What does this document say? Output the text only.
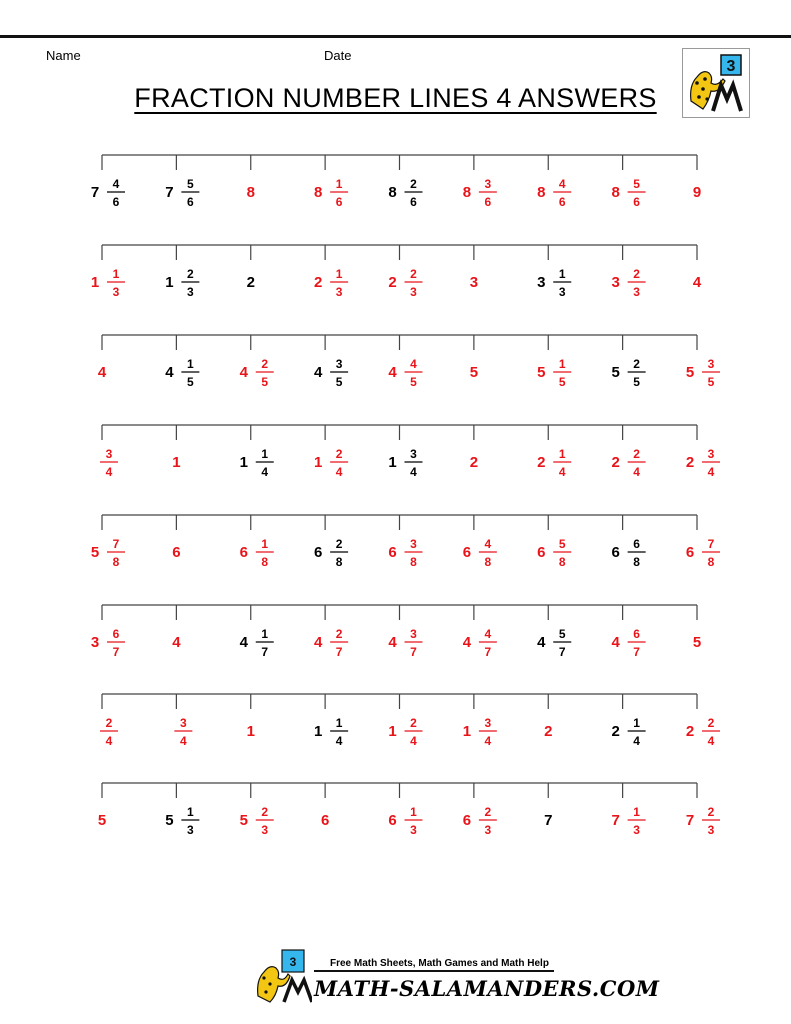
Name	Date
FRACTION NUMBER LINES 4 ANSWERS
3
7 4
6
7 5
6
8	8 1
6
8 2
6
8 3
6
8 4
6
8 5
6
9
1 1
3
1 2
3
2	2 1
3
2 2
3
3	3 1
3
3 2
3
4
4	4 1
5
4 2
5
4 3
5
4 4
5
5	5 1
5
5 2
5
5 3
5
3
4
1	1 1
4
1 2
4
1 3
4
2	2 1
4
2 2
4
2 3
4
5 7
8
6	6 1
8
6 2
8
6 3
8
6 4
8
6 5
8
6 6
8
6 7
8
3 6
7
4	4 1
7
4 2
7
4 3
7
4 4
7
4 5
7
4 6
7
5
2
4
3
4
1	1 1
4
1 2
4
1 3
4
2	2 1
4
2 2
4
5	5 1
3
5 2
3
6	6 1
3
6 2
3
7	7 1
3
7 2
3
3	Free Math Sheets, Math Games and Math Help
MATH-SALAMANDERS.COM
